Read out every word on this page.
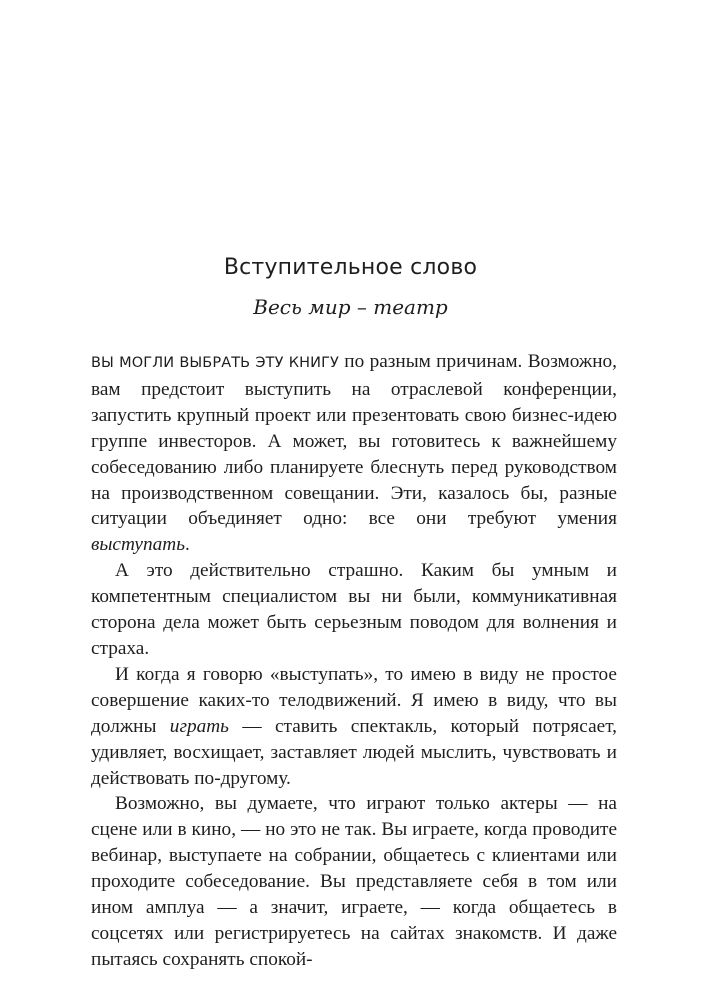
Вступительное слово
Весь мир – театр

ВЫ МОГЛИ ВЫБРАТЬ ЭТУ КНИГУ по разным причинам. Возможно, вам предстоит выступить на отраслевой конференции, запустить крупный проект или презентовать свою бизнес-идею группе инвесторов. А может, вы готовитесь к важнейшему собеседованию либо планируете блеснуть перед руководством на производственном совещании. Эти, казалось бы, разные ситуации объединяет одно: все они требуют умения выступать.

А это действительно страшно. Каким бы умным и компетентным специалистом вы ни были, коммуникативная сторона дела может быть серьезным поводом для волнения и страха.

И когда я говорю «выступать», то имею в виду не простое совершение каких-то телодвижений. Я имею в виду, что вы должны играть — ставить спектакль, который потрясает, удивляет, восхищает, заставляет людей мыслить, чувствовать и действовать по-другому.

Возможно, вы думаете, что играют только актеры — на сцене или в кино, — но это не так. Вы играете, когда проводите вебинар, выступаете на собрании, общаетесь с клиентами или проходите собеседование. Вы представляете себя в том или ином амплуа — а значит, играете, — когда общаетесь в соцсетях или регистрируетесь на сайтах знакомств. И даже пытаясь сохранять спокой-
